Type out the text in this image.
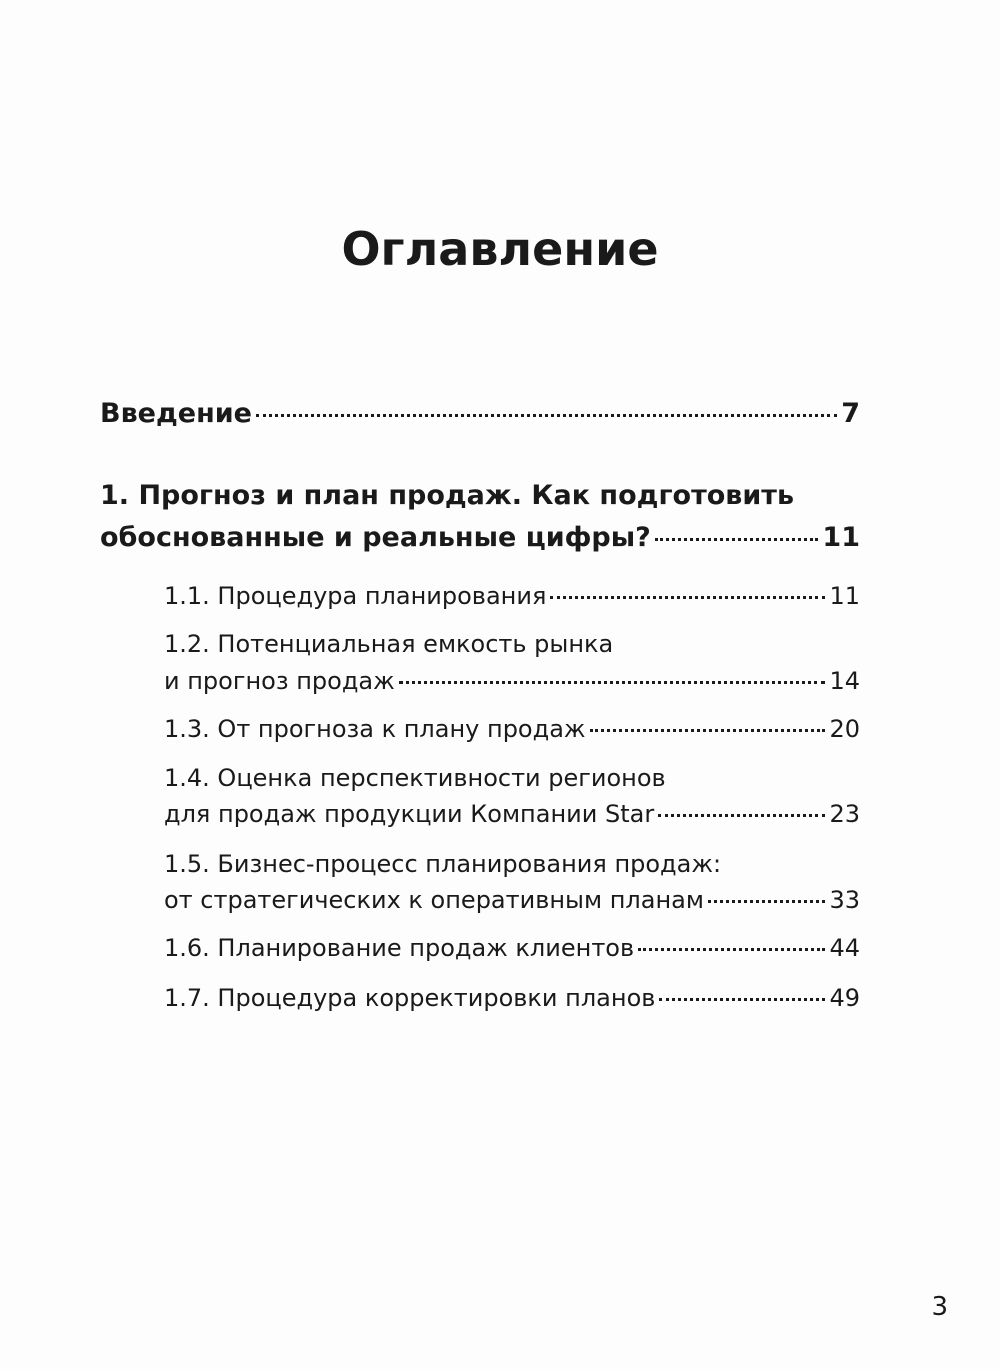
Оглавление
Введение	7
1. Прогноз и план продаж. Как подготовить
обоснованные и реальные цифры?	11
1.1. Процедура планирования	11
1.2. Потенциальная емкость рынка
и прогноз продаж	14
1.3. От прогноза к плану продаж	20
1.4. Оценка перспективности регионов
для продаж продукции Компании Star	23
1.5. Бизнес-процесс планирования продаж:
от стратегических к оперативным планам	33
1.6. Планирование продаж клиентов	44
1.7. Процедура корректировки планов	49
3
